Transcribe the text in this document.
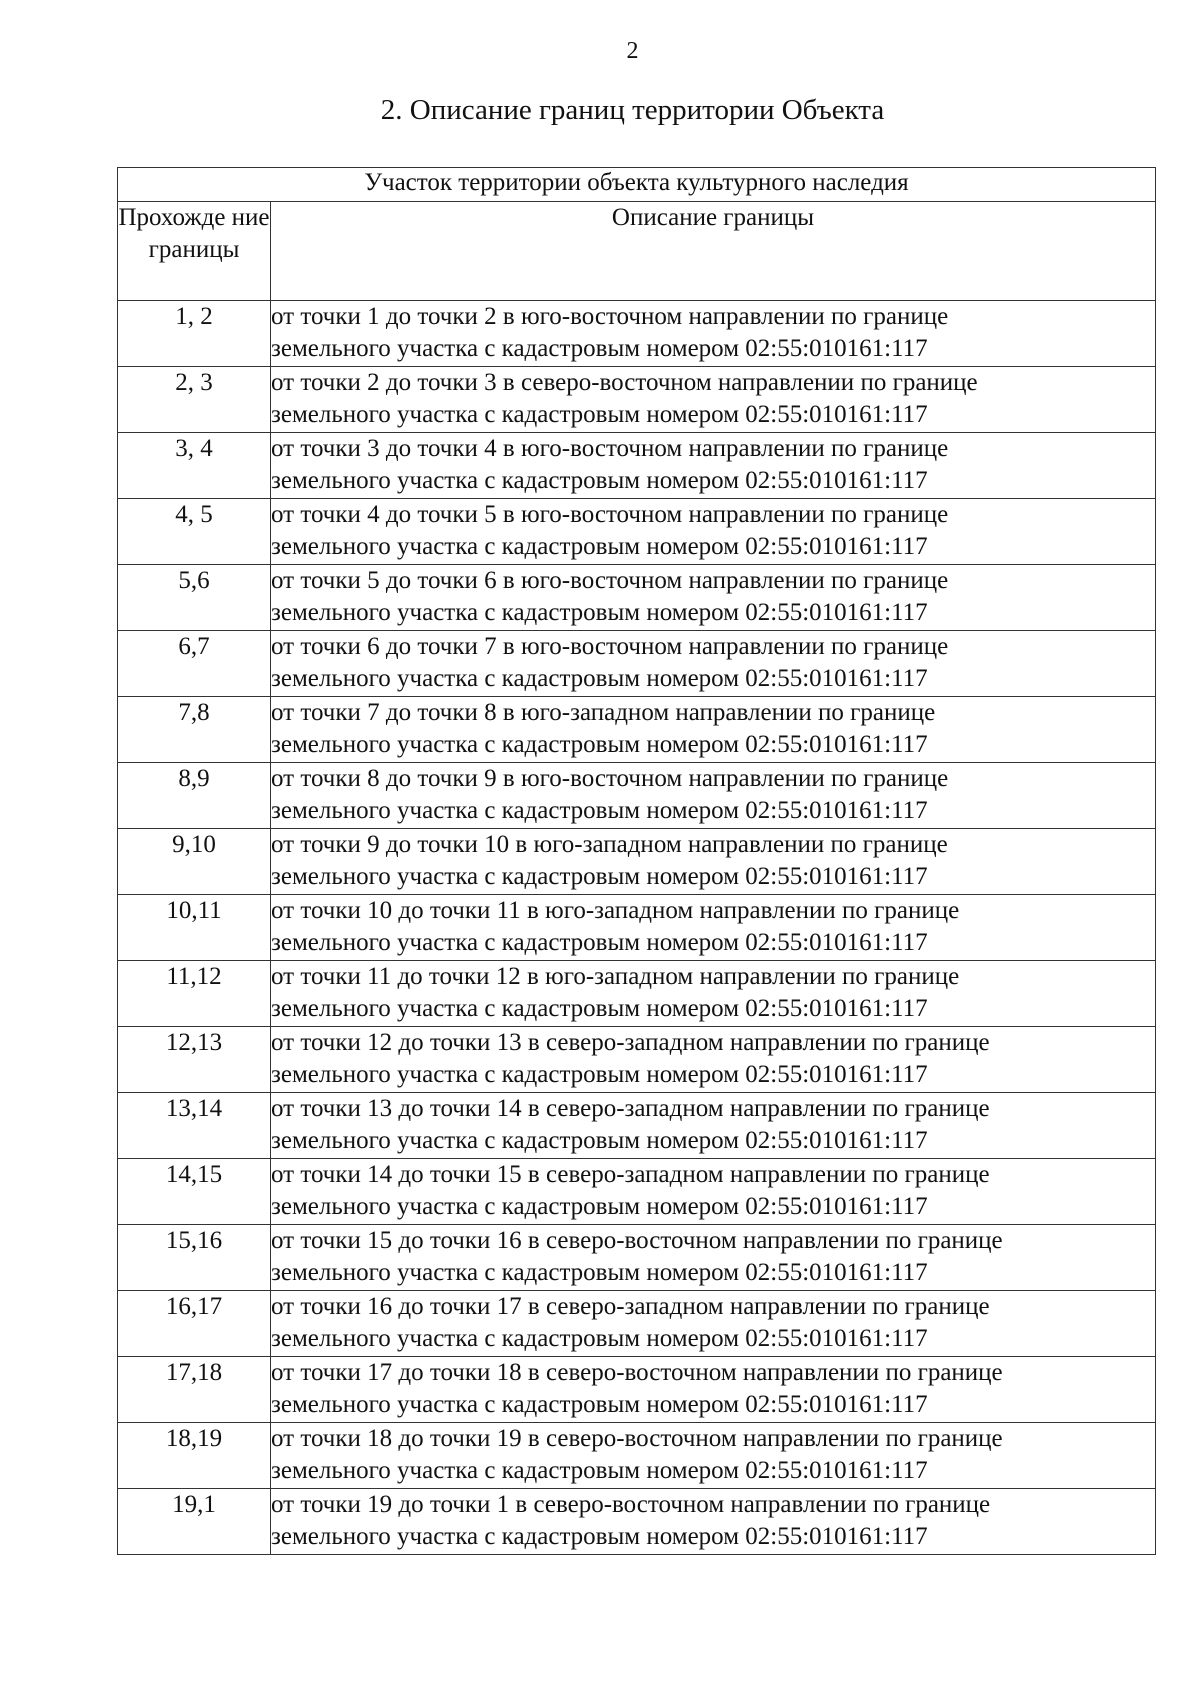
2
2. Описание границ территории Объекта
Участок территории объекта культурного наследия	
Прохожде ние границы	Описание границы
1, 2	от точки 1 до точки 2 в юго-восточном направлении по границе
земельного участка с кадастровым номером 02:55:010161:117

2, 3	от точки 2 до точки 3 в северо-восточном направлении по границе
земельного участка с кадастровым номером 02:55:010161:117

3, 4	от точки 3 до точки 4 в юго-восточном направлении по границе
земельного участка с кадастровым номером 02:55:010161:117

4, 5	от точки 4 до точки 5 в юго-восточном направлении по границе
земельного участка с кадастровым номером 02:55:010161:117

5,6	от точки 5 до точки 6 в юго-восточном направлении по границе
земельного участка с кадастровым номером 02:55:010161:117

6,7	от точки 6 до точки 7 в юго-восточном направлении по границе
земельного участка с кадастровым номером 02:55:010161:117

7,8	от точки 7 до точки 8 в юго-западном направлении по границе
земельного участка с кадастровым номером 02:55:010161:117

8,9	от точки 8 до точки 9 в юго-восточном направлении по границе
земельного участка с кадастровым номером 02:55:010161:117

9,10	от точки 9 до точки 10 в юго-западном направлении по границе
земельного участка с кадастровым номером 02:55:010161:117

10,11	от точки 10 до точки 11 в юго-западном направлении по границе
земельного участка с кадастровым номером 02:55:010161:117

11,12	от точки 11 до точки 12 в юго-западном направлении по границе
земельного участка с кадастровым номером 02:55:010161:117

12,13	от точки 12 до точки 13 в северо-западном направлении по границе
земельного участка с кадастровым номером 02:55:010161:117

13,14	от точки 13 до точки 14 в северо-западном направлении по границе
земельного участка с кадастровым номером 02:55:010161:117

14,15	от точки 14 до точки 15 в северо-западном направлении по границе
земельного участка с кадастровым номером 02:55:010161:117

15,16	от точки 15 до точки 16 в северо-восточном направлении по границе
земельного участка с кадастровым номером 02:55:010161:117

16,17	от точки 16 до точки 17 в северо-западном направлении по границе
земельного участка с кадастровым номером 02:55:010161:117

17,18	от точки 17 до точки 18 в северо-восточном направлении по границе
земельного участка с кадастровым номером 02:55:010161:117

18,19	от точки 18 до точки 19 в северо-восточном направлении по границе
земельного участка с кадастровым номером 02:55:010161:117

19,1	от точки 19 до точки 1 в северо-восточном направлении по границе
земельного участка с кадастровым номером 02:55:010161:117
